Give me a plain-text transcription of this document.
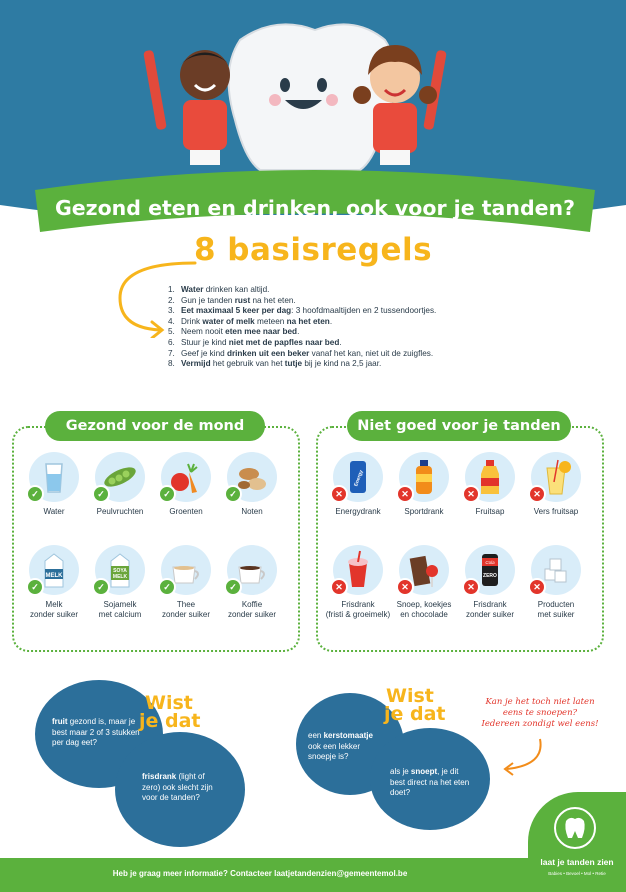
Gezond eten en drinken, ook voor je tanden?
8 basisregels
1. Water drinken kan altijd.
2. Gun je tanden rust na het eten.
3. Eet maximaal 5 keer per dag: 3 hoofdmaaltijden en 2 tussendoortjes.
4. Drink water of melk meteen na het eten.
5. Neem nooit eten mee naar bed.
6. Stuur je kind niet met de papfles naar bed.
7. Geef je kind drinken uit een beker vanaf het kan, niet uit de zuigfles.
8. Vermijd het gebruik van het tutje bij je kind na 2,5 jaar.
Gezond voor de mond
✓
Water
✓
Peulvruchten
✓
Groenten
✓
Noten
MELK
✓
Melk
zonder suiker
SOYA
MELK
✓
Sojamelk
met calcium
✓
Thee
zonder suiker
✓
Koffie
zonder suiker
Niet goed voor je tanden
Energy
✕
Energydrank
✕
Sportdrank
✕
Fruitsap
✕
Vers fruitsap
✕
Frisdrank
(fristi & groeimelk)
✕
Snoep, koekjes
en chocolade
Cola
ZERO
✕
Frisdrank
zonder suiker
✕
Producten
met suiker
Wist
je dat
fruit gezond is, maar je best maar 2 of 3 stukken per dag eet?
frisdrank (light of zero) ook slecht zijn voor de tanden?
Wist
je dat
een kerstomaatje ook een lekker snoepje is?
als je snoept, je dit best direct na het eten doet?
Kan je het toch niet laten
eens te snoepen?
Iedereen zondigt wel eens!
laat je tanden zien
Babies • Bevoel • Mol • Retie
Heb je graag meer informatie? Contacteer laatjetandenzien@gemeentemol.be
